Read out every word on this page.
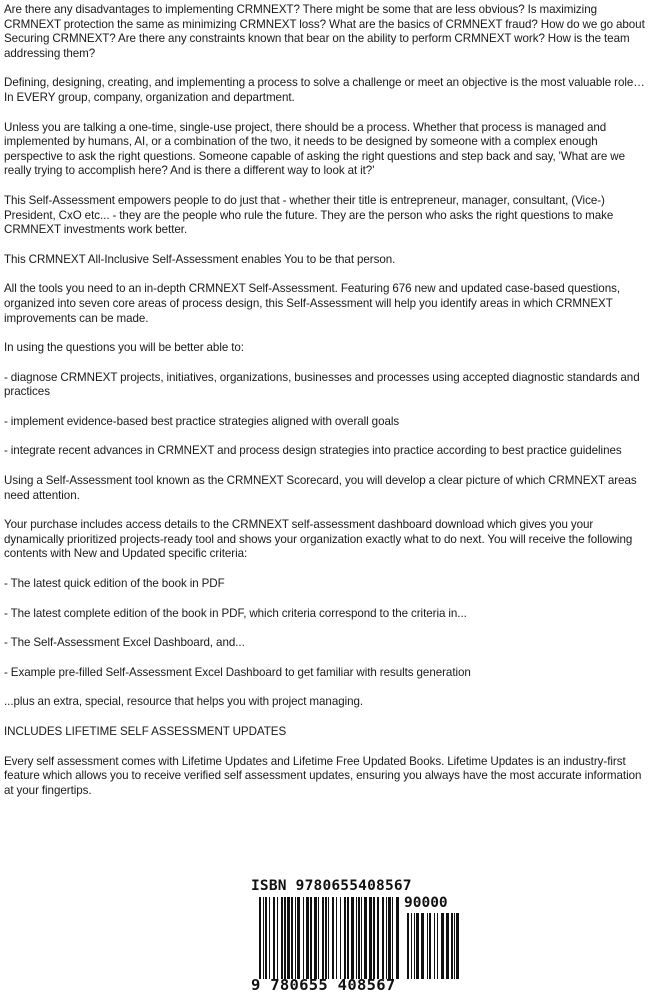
Are there any disadvantages to implementing CRMNEXT? There might be some that are less obvious? Is maximizing CRMNEXT protection the same as minimizing CRMNEXT loss? What are the basics of CRMNEXT fraud? How do we go about Securing CRMNEXT? Are there any constraints known that bear on the ability to perform CRMNEXT work? How is the team addressing them?

Defining, designing, creating, and implementing a process to solve a challenge or meet an objective is the most valuable role… In EVERY group, company, organization and department.

Unless you are talking a one-time, single-use project, there should be a process. Whether that process is managed and implemented by humans, AI, or a combination of the two, it needs to be designed by someone with a complex enough perspective to ask the right questions. Someone capable of asking the right questions and step back and say, 'What are we really trying to accomplish here? And is there a different way to look at it?'

This Self-Assessment empowers people to do just that - whether their title is entrepreneur, manager, consultant, (Vice-) President, CxO etc... - they are the people who rule the future. They are the person who asks the right questions to make CRMNEXT investments work better.

This CRMNEXT All-Inclusive Self-Assessment enables You to be that person.

All the tools you need to an in-depth CRMNEXT Self-Assessment. Featuring 676 new and updated case-based questions, organized into seven core areas of process design, this Self-Assessment will help you identify areas in which CRMNEXT improvements can be made.

In using the questions you will be better able to:

- diagnose CRMNEXT projects, initiatives, organizations, businesses and processes using accepted diagnostic standards and practices

- implement evidence-based best practice strategies aligned with overall goals

- integrate recent advances in CRMNEXT and process design strategies into practice according to best practice guidelines

Using a Self-Assessment tool known as the CRMNEXT Scorecard, you will develop a clear picture of which CRMNEXT areas need attention.

Your purchase includes access details to the CRMNEXT self-assessment dashboard download which gives you your dynamically prioritized projects-ready tool and shows your organization exactly what to do next. You will receive the following contents with New and Updated specific criteria:

- The latest quick edition of the book in PDF

- The latest complete edition of the book in PDF, which criteria correspond to the criteria in...

- The Self-Assessment Excel Dashboard, and...

- Example pre-filled Self-Assessment Excel Dashboard to get familiar with results generation

...plus an extra, special, resource that helps you with project managing.

INCLUDES LIFETIME SELF ASSESSMENT UPDATES

Every self assessment comes with Lifetime Updates and Lifetime Free Updated Books. Lifetime Updates is an industry-first feature which allows you to receive verified self assessment updates, ensuring you always have the most accurate information at your fingertips.

ISBN 9780655408567
90000
9 780655 408567
